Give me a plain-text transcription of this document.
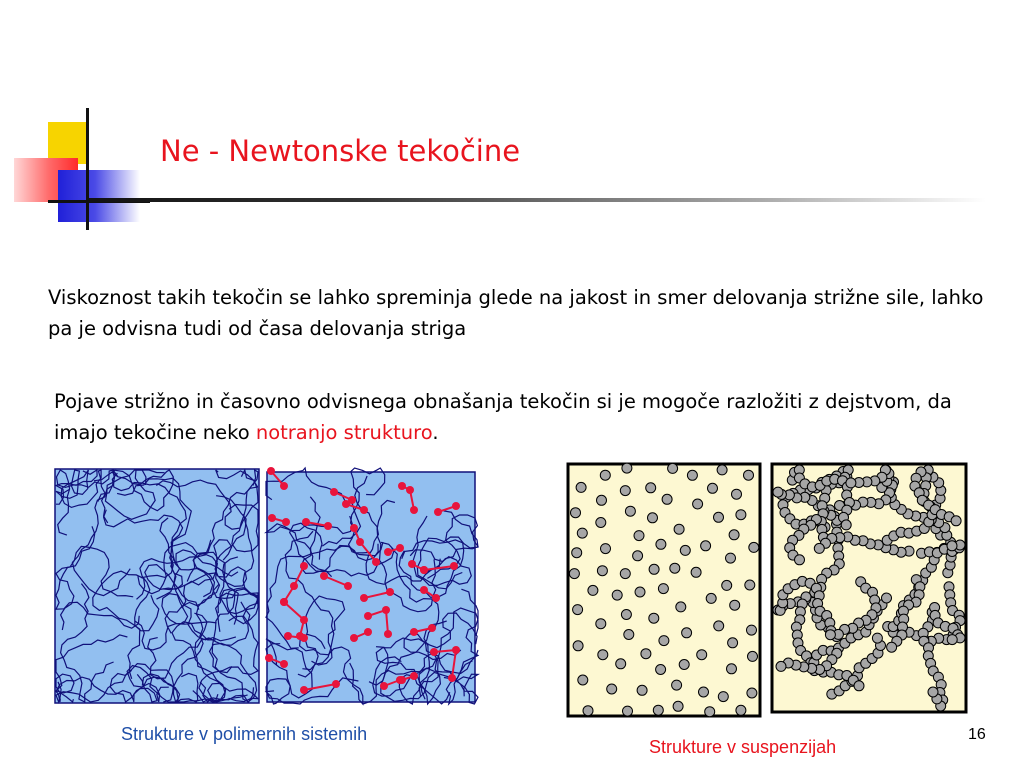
Ne - Newtonske tekočine
Viskoznost takih tekočin se lahko spreminja glede na jakost in smer delovanja strižne sile, lahko pa je odvisna tudi od časa delovanja striga
Pojave strižno in časovno odvisnega obnašanja tekočin si je mogoče razložiti z dejstvom, da imajo tekočine neko notranjo strukturo.
Strukture v polimernih sistemih
Strukture v suspenzijah
16
